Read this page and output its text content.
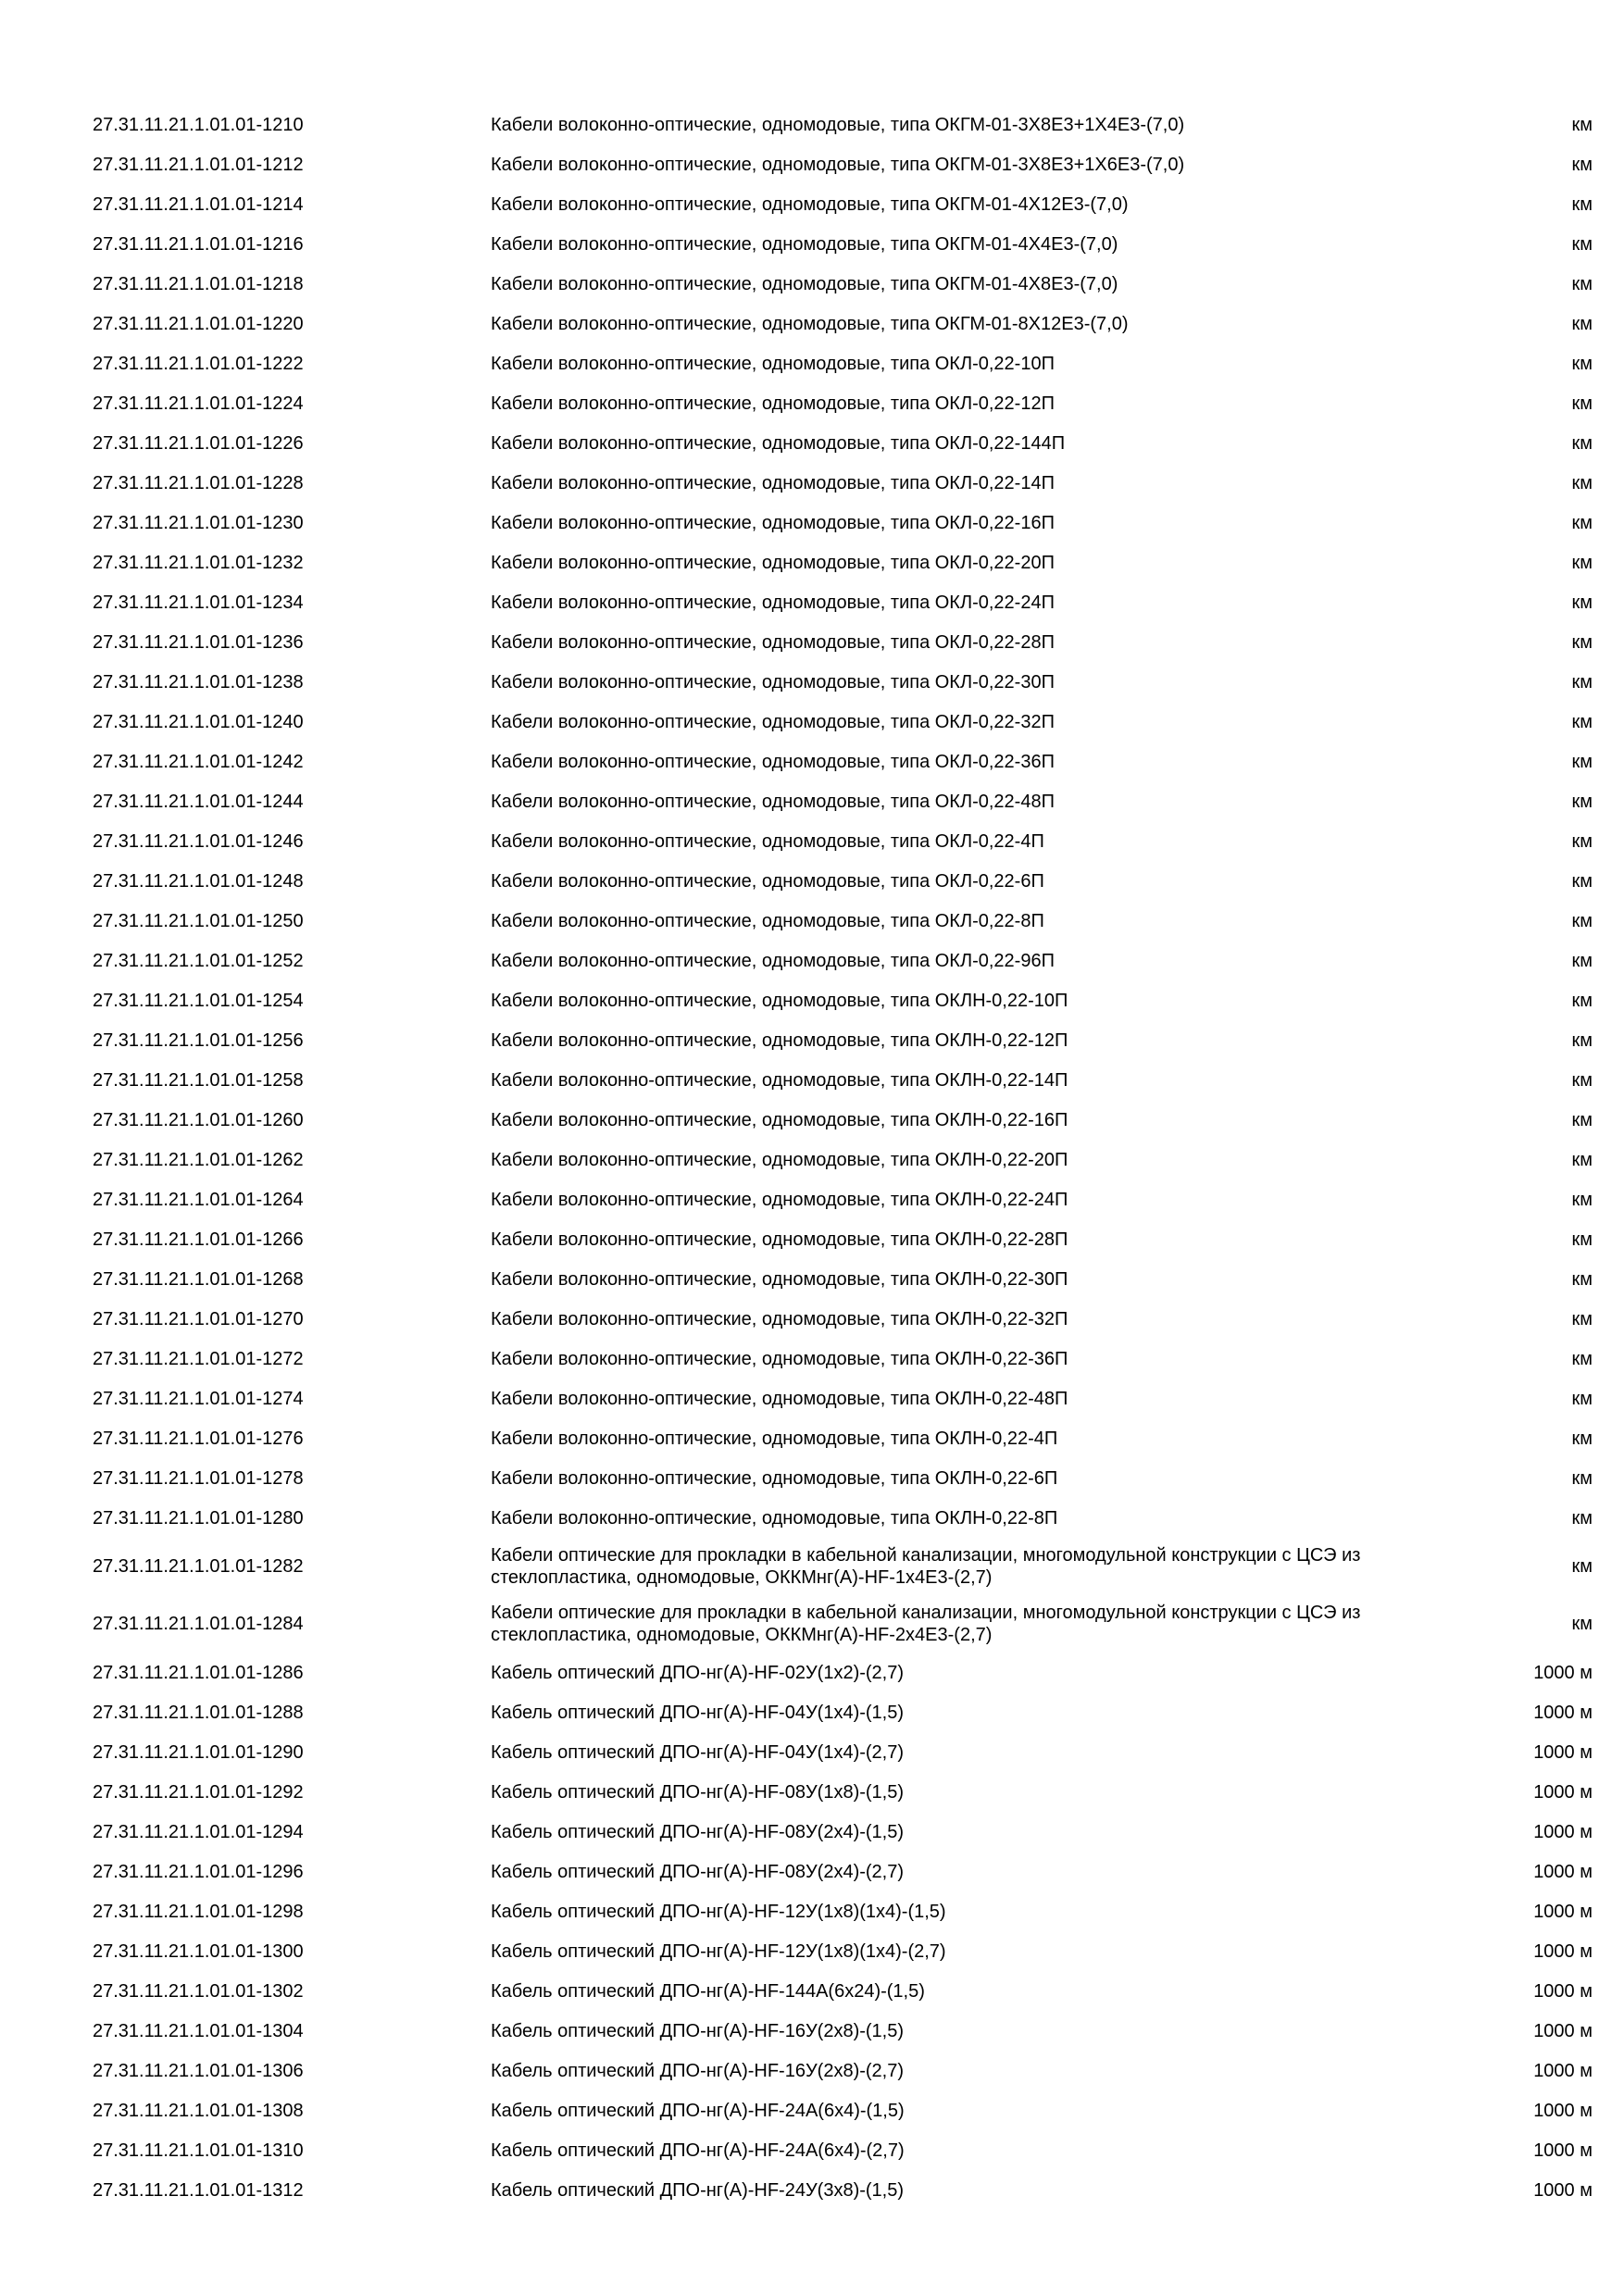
27.31.11.21.1.01.01-1210	Кабели волоконно-оптические, одномодовые, типа ОКГМ-01-3Х8Е3+1Х4Е3-(7,0)	км
27.31.11.21.1.01.01-1212	Кабели волоконно-оптические, одномодовые, типа ОКГМ-01-3Х8Е3+1Х6Е3-(7,0)	км
27.31.11.21.1.01.01-1214	Кабели волоконно-оптические, одномодовые, типа ОКГМ-01-4Х12Е3-(7,0)	км
27.31.11.21.1.01.01-1216	Кабели волоконно-оптические, одномодовые, типа ОКГМ-01-4Х4Е3-(7,0)	км
27.31.11.21.1.01.01-1218	Кабели волоконно-оптические, одномодовые, типа ОКГМ-01-4Х8Е3-(7,0)	км
27.31.11.21.1.01.01-1220	Кабели волоконно-оптические, одномодовые, типа ОКГМ-01-8Х12Е3-(7,0)	км
27.31.11.21.1.01.01-1222	Кабели волоконно-оптические, одномодовые, типа ОКЛ-0,22-10П	км
27.31.11.21.1.01.01-1224	Кабели волоконно-оптические, одномодовые, типа ОКЛ-0,22-12П	км
27.31.11.21.1.01.01-1226	Кабели волоконно-оптические, одномодовые, типа ОКЛ-0,22-144П	км
27.31.11.21.1.01.01-1228	Кабели волоконно-оптические, одномодовые, типа ОКЛ-0,22-14П	км
27.31.11.21.1.01.01-1230	Кабели волоконно-оптические, одномодовые, типа ОКЛ-0,22-16П	км
27.31.11.21.1.01.01-1232	Кабели волоконно-оптические, одномодовые, типа ОКЛ-0,22-20П	км
27.31.11.21.1.01.01-1234	Кабели волоконно-оптические, одномодовые, типа ОКЛ-0,22-24П	км
27.31.11.21.1.01.01-1236	Кабели волоконно-оптические, одномодовые, типа ОКЛ-0,22-28П	км
27.31.11.21.1.01.01-1238	Кабели волоконно-оптические, одномодовые, типа ОКЛ-0,22-30П	км
27.31.11.21.1.01.01-1240	Кабели волоконно-оптические, одномодовые, типа ОКЛ-0,22-32П	км
27.31.11.21.1.01.01-1242	Кабели волоконно-оптические, одномодовые, типа ОКЛ-0,22-36П	км
27.31.11.21.1.01.01-1244	Кабели волоконно-оптические, одномодовые, типа ОКЛ-0,22-48П	км
27.31.11.21.1.01.01-1246	Кабели волоконно-оптические, одномодовые, типа ОКЛ-0,22-4П	км
27.31.11.21.1.01.01-1248	Кабели волоконно-оптические, одномодовые, типа ОКЛ-0,22-6П	км
27.31.11.21.1.01.01-1250	Кабели волоконно-оптические, одномодовые, типа ОКЛ-0,22-8П	км
27.31.11.21.1.01.01-1252	Кабели волоконно-оптические, одномодовые, типа ОКЛ-0,22-96П	км
27.31.11.21.1.01.01-1254	Кабели волоконно-оптические, одномодовые, типа ОКЛН-0,22-10П	км
27.31.11.21.1.01.01-1256	Кабели волоконно-оптические, одномодовые, типа ОКЛН-0,22-12П	км
27.31.11.21.1.01.01-1258	Кабели волоконно-оптические, одномодовые, типа ОКЛН-0,22-14П	км
27.31.11.21.1.01.01-1260	Кабели волоконно-оптические, одномодовые, типа ОКЛН-0,22-16П	км
27.31.11.21.1.01.01-1262	Кабели волоконно-оптические, одномодовые, типа ОКЛН-0,22-20П	км
27.31.11.21.1.01.01-1264	Кабели волоконно-оптические, одномодовые, типа ОКЛН-0,22-24П	км
27.31.11.21.1.01.01-1266	Кабели волоконно-оптические, одномодовые, типа ОКЛН-0,22-28П	км
27.31.11.21.1.01.01-1268	Кабели волоконно-оптические, одномодовые, типа ОКЛН-0,22-30П	км
27.31.11.21.1.01.01-1270	Кабели волоконно-оптические, одномодовые, типа ОКЛН-0,22-32П	км
27.31.11.21.1.01.01-1272	Кабели волоконно-оптические, одномодовые, типа ОКЛН-0,22-36П	км
27.31.11.21.1.01.01-1274	Кабели волоконно-оптические, одномодовые, типа ОКЛН-0,22-48П	км
27.31.11.21.1.01.01-1276	Кабели волоконно-оптические, одномодовые, типа ОКЛН-0,22-4П	км
27.31.11.21.1.01.01-1278	Кабели волоконно-оптические, одномодовые, типа ОКЛН-0,22-6П	км
27.31.11.21.1.01.01-1280	Кабели волоконно-оптические, одномодовые, типа ОКЛН-0,22-8П	км
27.31.11.21.1.01.01-1282	Кабели оптические для прокладки в кабельной канализации, многомодульной конструкции с ЦСЭ из стеклопластика, одномодовые, ОККМнг(А)-HF-1х4Е3-(2,7)	км
27.31.11.21.1.01.01-1284	Кабели оптические для прокладки в кабельной канализации, многомодульной конструкции с ЦСЭ из стеклопластика, одномодовые, ОККМнг(А)-HF-2х4Е3-(2,7)	км
27.31.11.21.1.01.01-1286	Кабель оптический ДПО-нг(А)-HF-02У(1х2)-(2,7)	1000 м
27.31.11.21.1.01.01-1288	Кабель оптический ДПО-нг(А)-HF-04У(1х4)-(1,5)	1000 м
27.31.11.21.1.01.01-1290	Кабель оптический ДПО-нг(А)-HF-04У(1х4)-(2,7)	1000 м
27.31.11.21.1.01.01-1292	Кабель оптический ДПО-нг(А)-HF-08У(1х8)-(1,5)	1000 м
27.31.11.21.1.01.01-1294	Кабель оптический ДПО-нг(А)-HF-08У(2х4)-(1,5)	1000 м
27.31.11.21.1.01.01-1296	Кабель оптический ДПО-нг(А)-HF-08У(2х4)-(2,7)	1000 м
27.31.11.21.1.01.01-1298	Кабель оптический ДПО-нг(А)-HF-12У(1х8)(1х4)-(1,5)	1000 м
27.31.11.21.1.01.01-1300	Кабель оптический ДПО-нг(А)-HF-12У(1х8)(1х4)-(2,7)	1000 м
27.31.11.21.1.01.01-1302	Кабель оптический ДПО-нг(А)-HF-144А(6х24)-(1,5)	1000 м
27.31.11.21.1.01.01-1304	Кабель оптический ДПО-нг(А)-HF-16У(2х8)-(1,5)	1000 м
27.31.11.21.1.01.01-1306	Кабель оптический ДПО-нг(А)-HF-16У(2х8)-(2,7)	1000 м
27.31.11.21.1.01.01-1308	Кабель оптический ДПО-нг(А)-HF-24А(6х4)-(1,5)	1000 м
27.31.11.21.1.01.01-1310	Кабель оптический ДПО-нг(А)-HF-24А(6х4)-(2,7)	1000 м
27.31.11.21.1.01.01-1312	Кабель оптический ДПО-нг(А)-HF-24У(3х8)-(1,5)	1000 м
